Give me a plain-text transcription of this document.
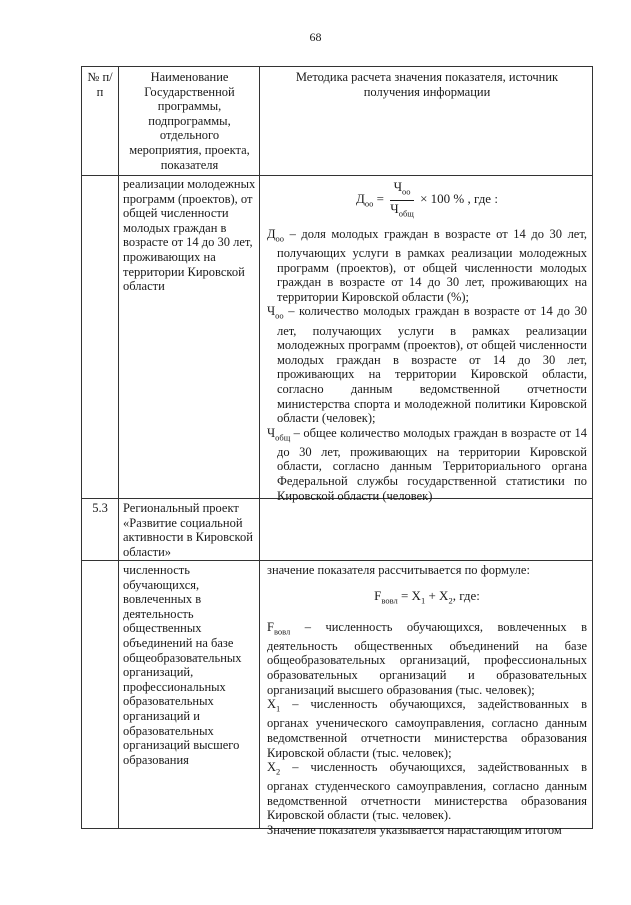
68
№ п/п
Наименование Государственной программы, подпрограммы, отдельного мероприятия, проекта, показателя
Методика расчета значения показателя, источник получения информации
реализации молодежных программ (проектов), от общей численности молодых граждан в возрасте от 14 до 30 лет, проживающих на территории Кировской области
$Д_{оо} = \frac{Ч_{оо}}{Ч_{общ}} \times 100$ % , где :

$Д_{оо}$ – доля молодых граждан в возрасте от 14 до 30 лет, получающих услуги в рамках реализации молодежных программ (проектов), от общей численности молодых граждан в возрасте от 14 до 30 лет, проживающих на территории Кировской области (%);

$Ч_{оо}$ – количество молодых граждан в возрасте от 14 до 30 лет, получающих услуги в рамках реализации молодежных программ (проектов), от общей численности молодых граждан в возрасте от 14 до 30 лет, проживающих на территории Кировской области, согласно данным ведомственной отчетности министерства спорта и молодежной политики Кировской области (человек);

$Ч_{общ}$ – общее количество молодых граждан в возрасте от 14 до 30 лет, проживающих на территории Кировской области, согласно данным Территориального органа Федеральной службы государственной статистики по Кировской области (человек)

5.3	Региональный проект «Развитие социальной активности в Кировской области»
численность обучающихся, вовлеченных в деятельность общественных объединений на базе общеобразовательных организаций, профессиональных образовательных организаций и образовательных организаций высшего образования

значение показателя рассчитывается по формуле:

$F_{вовл} = X_1 + X_2$, где:

$F_{вовл}$ – численность обучающихся, вовлеченных в деятельность общественных объединений на базе общеобразовательных организаций, профессиональных образовательных организаций и образовательных организаций высшего образования (тыс. человек);

$X_1$ – численность обучающихся, задействованных в органах ученического самоуправления, согласно данным ведомственной отчетности министерства образования Кировской области (тыс. человек);

$X_2$ – численность обучающихся, задействованных в органах студенческого самоуправления, согласно данным ведомственной отчетности министерства образования Кировской области (тыс. человек).

Значение показателя указывается нарастающим итогом
